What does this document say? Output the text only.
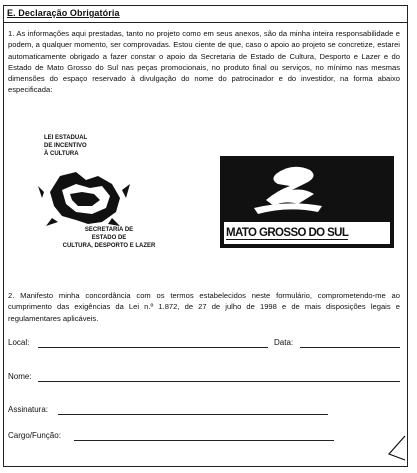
E. Declaração Obrigatória
1. As informações aqui prestadas, tanto no projeto como em seus anexos, são da minha inteira responsabilidade e podem, a qualquer momento, ser comprovadas. Estou ciente de que, caso o apoio ao projeto se concretize, estarei automaticamente obrigado a fazer constar o apoio da Secretaria de Estado de Cultura, Desporto e Lazer e do Estado de Mato Grosso do Sul nas peças promocionais, no produto final ou serviços, no mínimo nas mesmas dimensões do espaço reservado à divulgação do nome do patrocinador e do investidor, na forma abaixo especificada:
LEI ESTADUAL
DE INCENTIVO
À CULTURA
SECRETARIA DE
ESTADO DE
CULTURA, DESPORTO E LAZER
Governo Popular
MATO GROSSO DO SUL
2. Manifesto minha concordância com os termos estabelecidos neste formulário, comprometendo-me ao cumprimento das exigências da Lei n.º 1.872, de 27 de julho de 1998 e de mais disposições legais e regulamentares aplicáveis.
Local:	Data:
Nome:
Assinatura:
Cargo/Função:
